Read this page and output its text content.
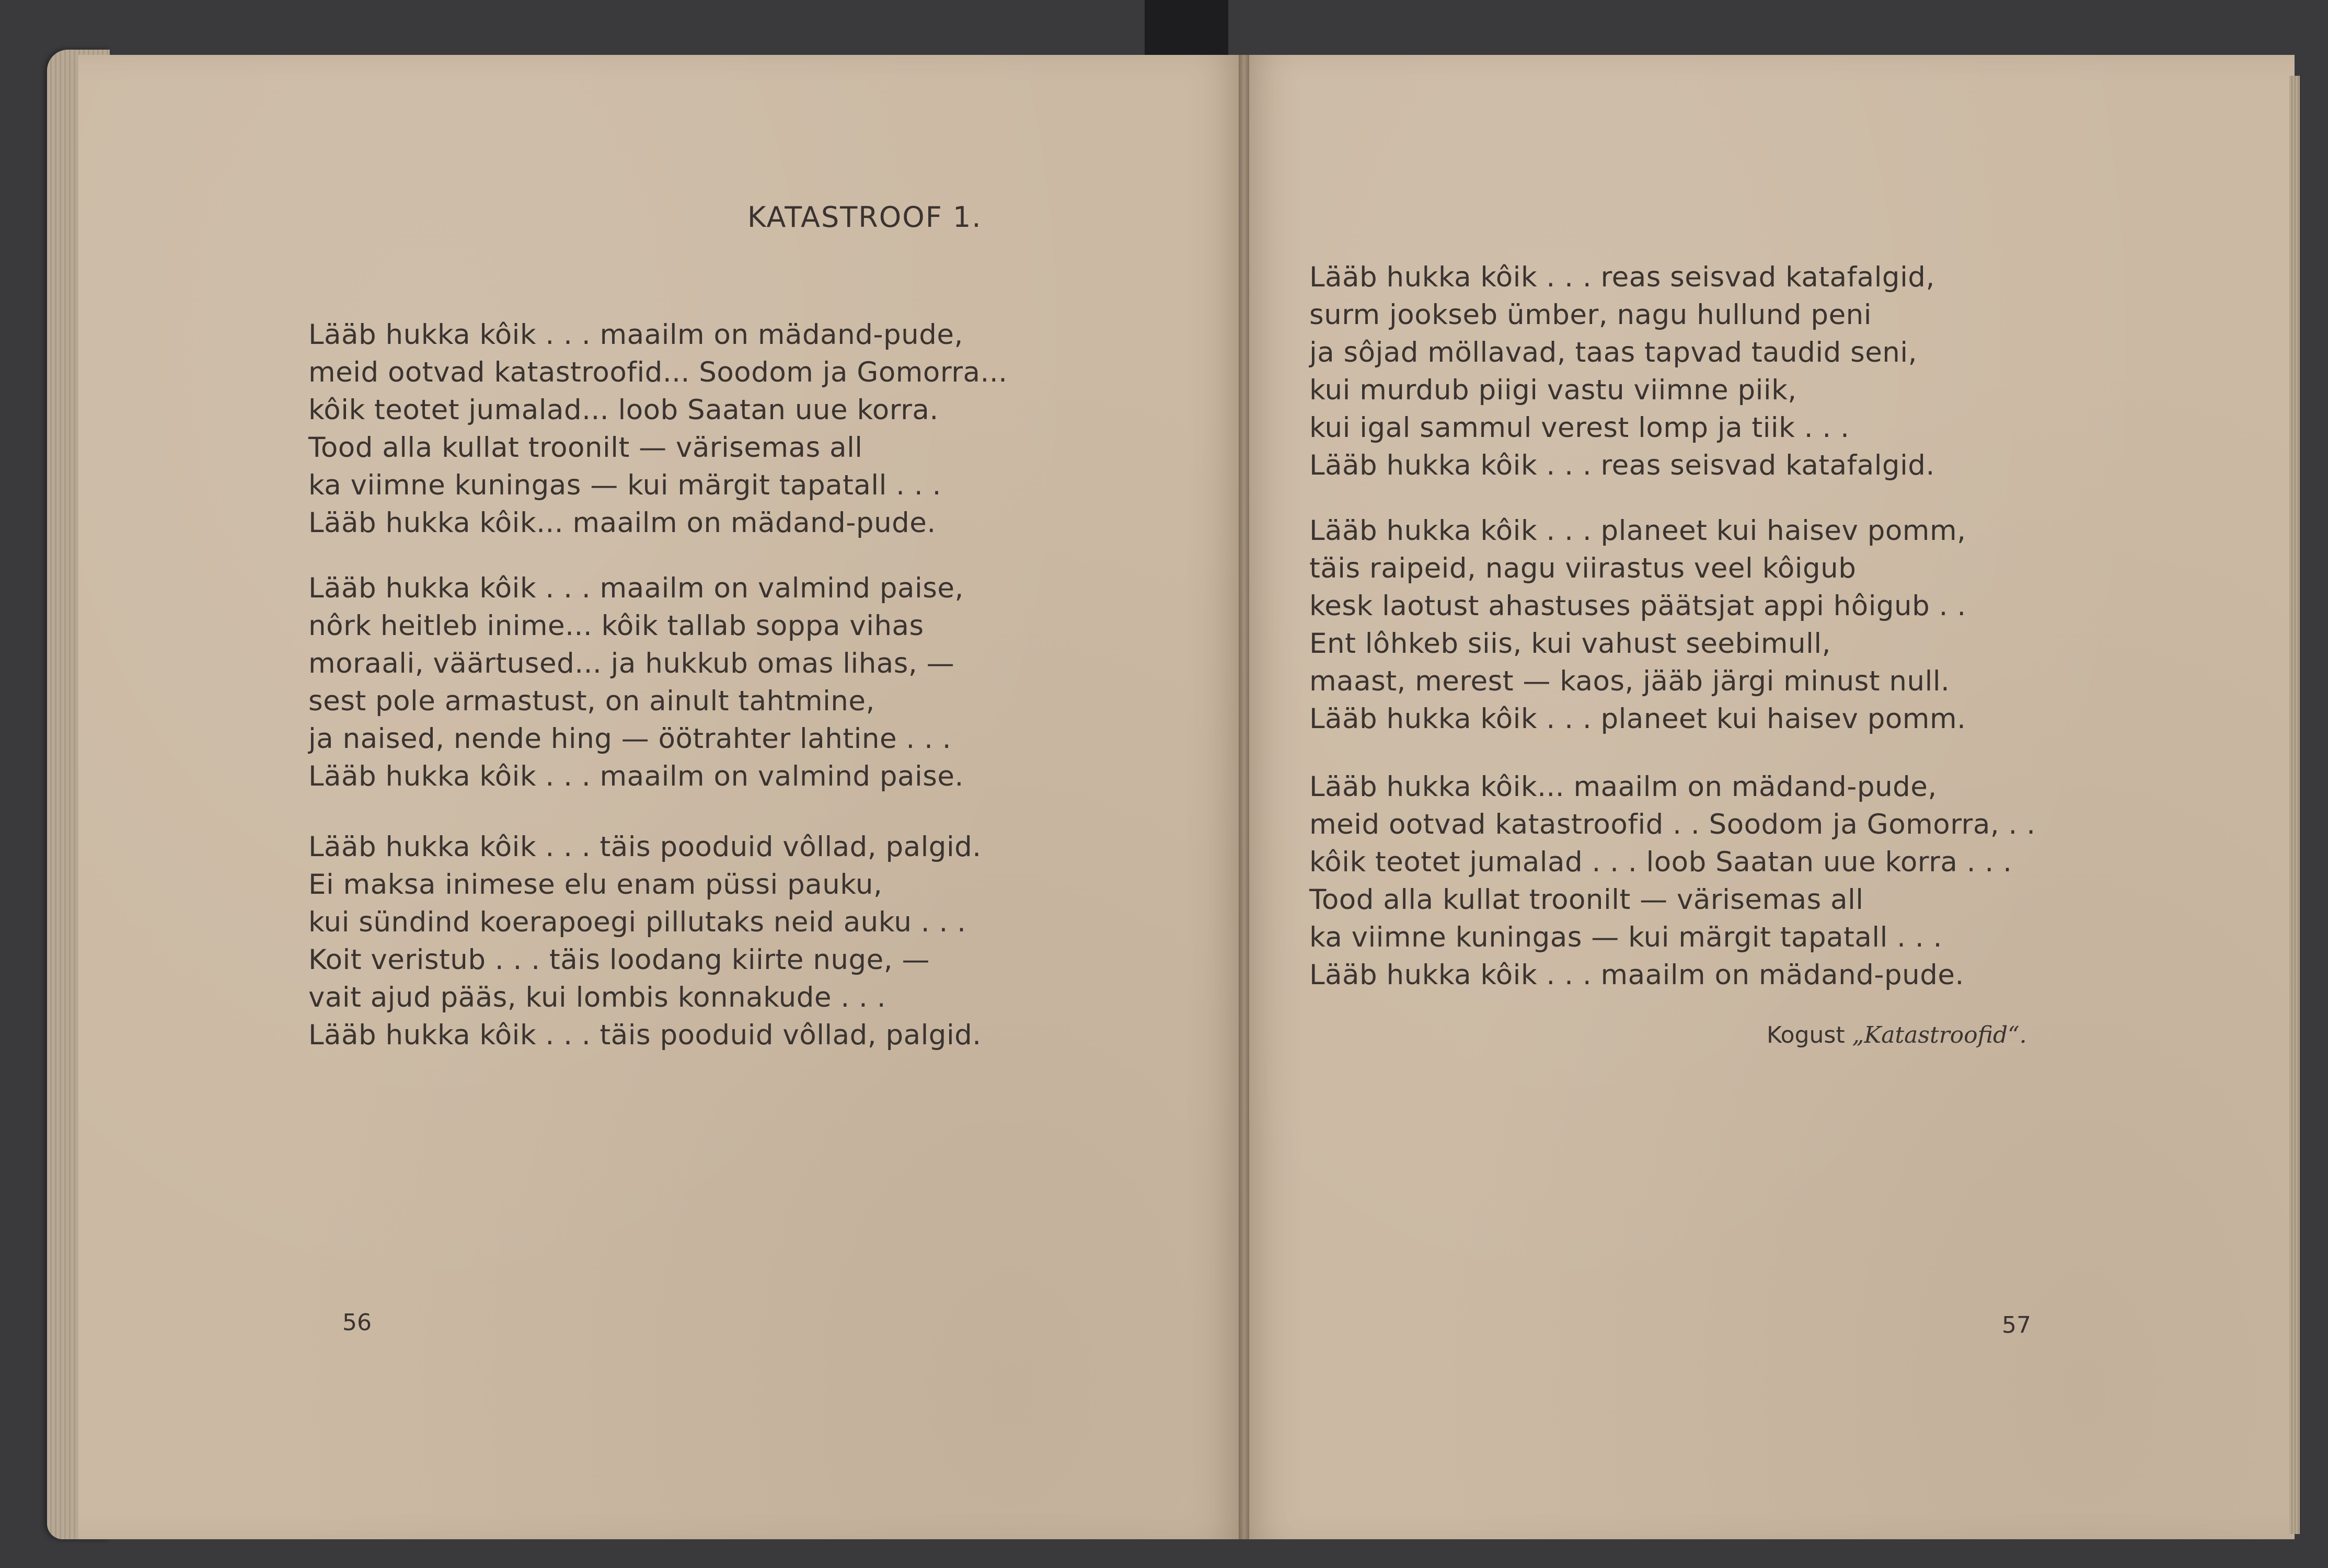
KATASTROOF 1.
Lääb hukka kôik . . . maailm on mädand-pude,
meid ootvad katastroofid... Soodom ja Gomorra...
kôik teotet jumalad... loob Saatan uue korra.
Tood alla kullat troonilt — värisemas all
ka viimne kuningas — kui märgit tapatall . . .
Lääb hukka kôik... maailm on mädand-pude.
Lääb hukka kôik . . . maailm on valmind paise,
nôrk heitleb inime... kôik tallab soppa vihas
moraali, väärtused... ja hukkub omas lihas, —
sest pole armastust, on ainult tahtmine,
ja naised, nende hing — öötrahter lahtine . . .
Lääb hukka kôik . . . maailm on valmind paise.
Lääb hukka kôik . . . täis pooduid vôllad, palgid.
Ei maksa inimese elu enam püssi pauku,
kui sündind koerapoegi pillutaks neid auku . . .
Koit veristub . . . täis loodang kiirte nuge, —
vait ajud pääs, kui lombis konnakude . . .
Lääb hukka kôik . . . täis pooduid vôllad, palgid.
56
Lääb hukka kôik . . . reas seisvad katafalgid,
surm jookseb ümber, nagu hullund peni
ja sôjad möllavad, taas tapvad taudid seni,
kui murdub piigi vastu viimne piik,
kui igal sammul verest lomp ja tiik . . .
Lääb hukka kôik . . . reas seisvad katafalgid.
Lääb hukka kôik . . . planeet kui haisev pomm,
täis raipeid, nagu viirastus veel kôigub
kesk laotust ahastuses päätsjat appi hôigub . .
Ent lôhkeb siis, kui vahust seebimull,
maast, merest — kaos, jääb järgi minust null.
Lääb hukka kôik . . . planeet kui haisev pomm.
Lääb hukka kôik... maailm on mädand-pude,
meid ootvad katastroofid . . Soodom ja Gomorra, . .
kôik teotet jumalad . . . loob Saatan uue korra . . .
Tood alla kullat troonilt — värisemas all
ka viimne kuningas — kui märgit tapatall . . .
Lääb hukka kôik . . . maailm on mädand-pude.
Kogust „Katastroofid“.
57
